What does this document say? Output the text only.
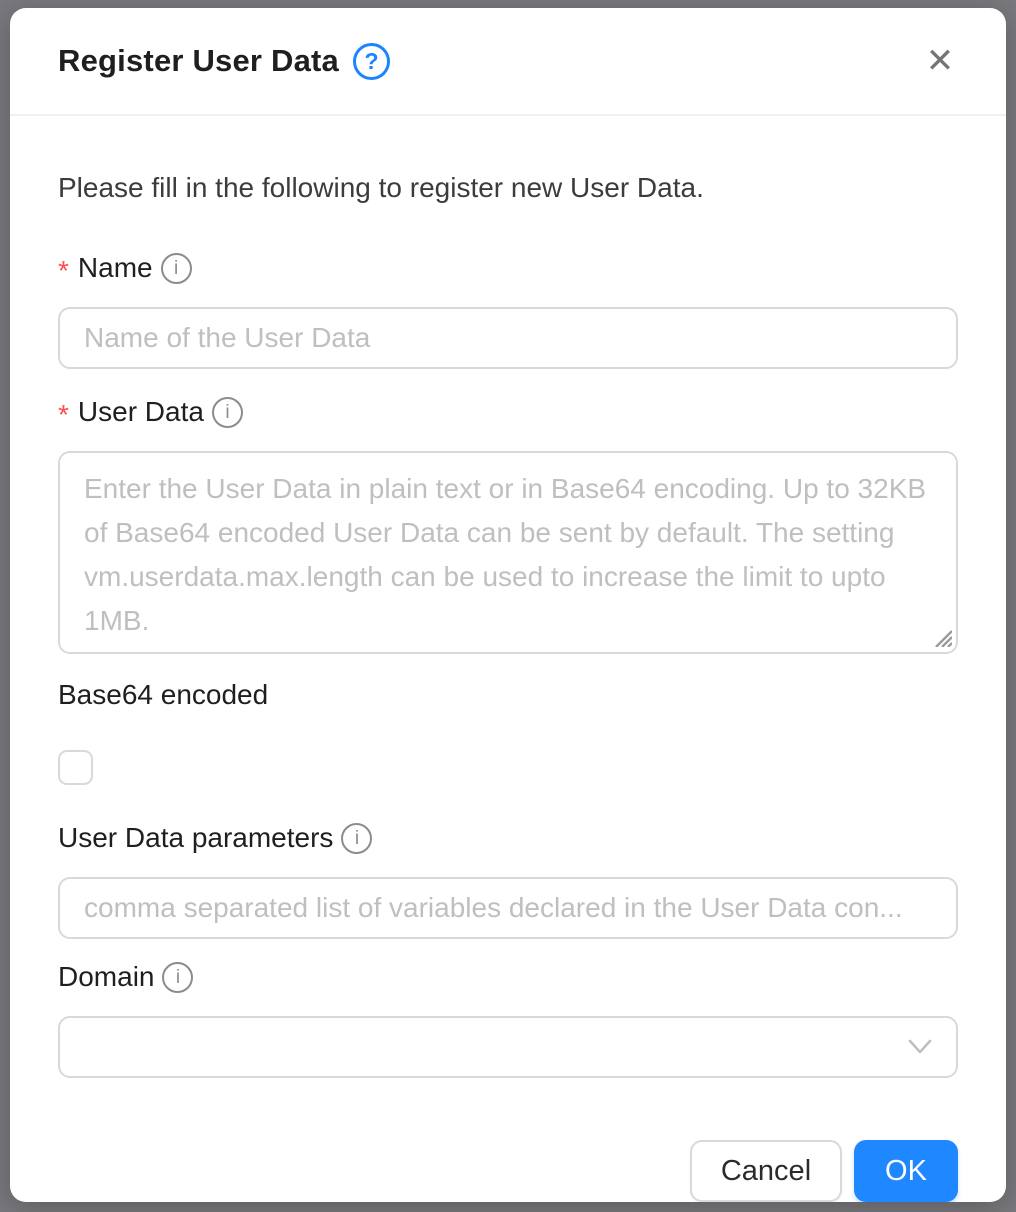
Register User Data	?	✕
Please fill in the following to register new User Data.
* Name	i
Name of the User Data
* User Data	i
Enter the User Data in plain text or in Base64 encoding. Up to 32KB of Base64 encoded User Data can be sent by default. The setting vm.userdata.max.length can be used to increase the limit to upto 1MB.
Base64 encoded
User Data parameters	i
comma separated list of variables declared in the User Data con...
Domain	i
Cancel	OK
